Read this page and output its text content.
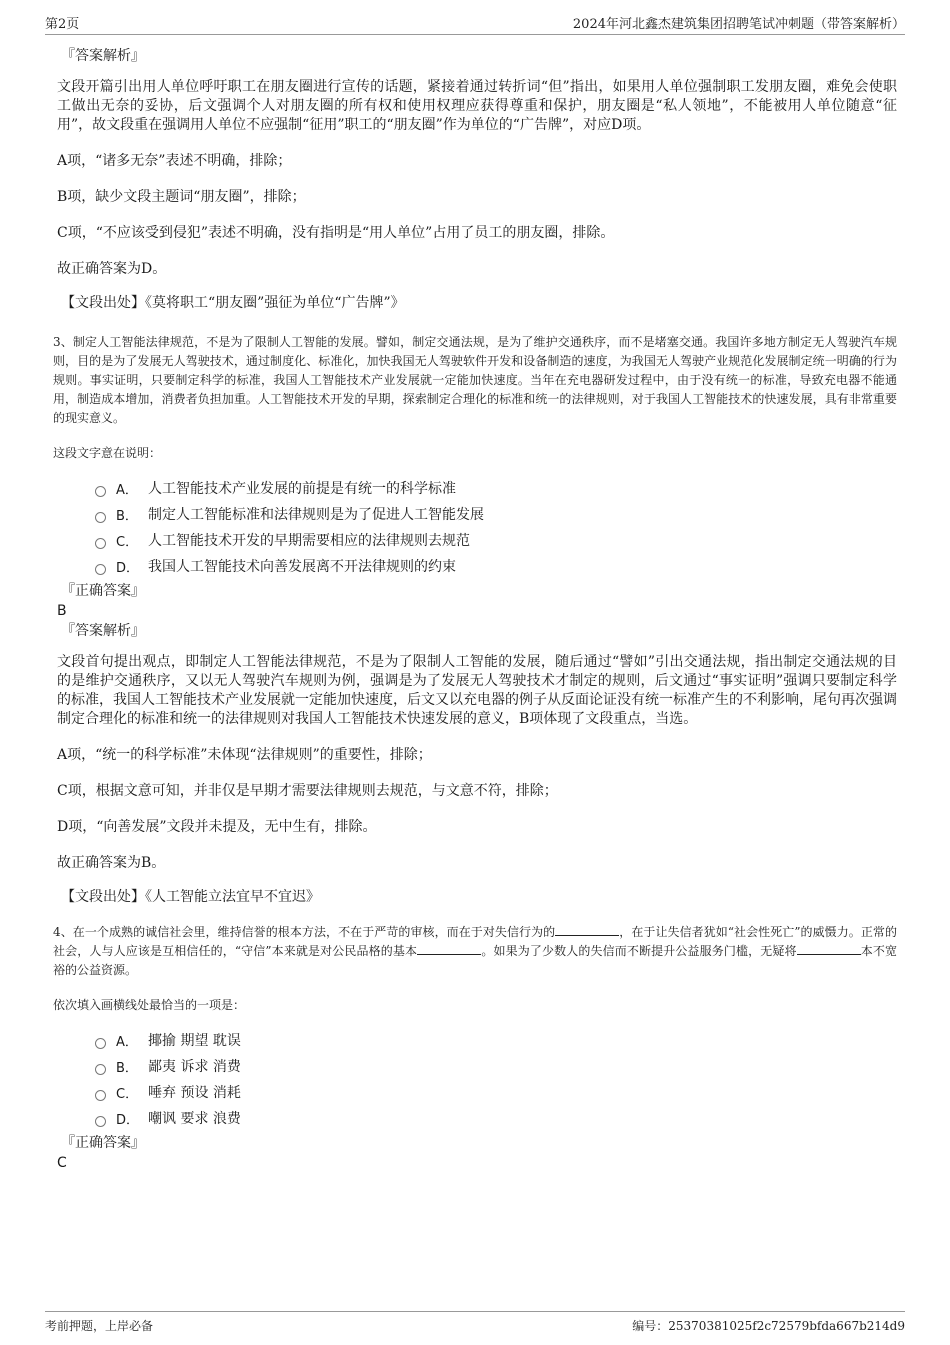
第2页	2024年河北鑫杰建筑集团招聘笔试冲刺题（带答案解析）
『答案解析』
文段开篇引出用人单位呼吁职工在朋友圈进行宣传的话题，紧接着通过转折词“但”指出，如果用人单位强制职工发朋友圈，难免会使职工做出无奈的妥协，后文强调个人对朋友圈的所有权和使用权理应获得尊重和保护，朋友圈是“私人领地”，不能被用人单位随意“征用”，故文段重在强调用人单位不应强制“征用”职工的“朋友圈”作为单位的“广告牌”，对应D项。
A项，“诸多无奈”表述不明确，排除；
B项，缺少文段主题词“朋友圈”，排除；
C项，“不应该受到侵犯”表述不明确，没有指明是“用人单位”占用了员工的朋友圈，排除。
故正确答案为D。
【文段出处】《莫将职工“朋友圈”强征为单位“广告牌”》
3、制定人工智能法律规范，不是为了限制人工智能的发展。譬如，制定交通法规，是为了维护交通秩序，而不是堵塞交通。我国许多地方制定无人驾驶汽车规则，目的是为了发展无人驾驶技术，通过制度化、标准化，加快我国无人驾驶软件开发和设备制造的速度，为我国无人驾驶产业规范化发展制定统一明确的行为规则。事实证明，只要制定科学的标准，我国人工智能技术产业发展就一定能加快速度。当年在充电器研发过程中，由于没有统一的标准，导致充电器不能通用，制造成本增加，消费者负担加重。人工智能技术开发的早期，探索制定合理化的标准和统一的法律规则，对于我国人工智能技术的快速发展，具有非常重要的现实意义。
这段文字意在说明：
A． 人工智能技术产业发展的前提是有统一的科学标准
B． 制定人工智能标准和法律规则是为了促进人工智能发展
C． 人工智能技术开发的早期需要相应的法律规则去规范
D． 我国人工智能技术向善发展离不开法律规则的约束
『正确答案』
B
『答案解析』
文段首句提出观点，即制定人工智能法律规范，不是为了限制人工智能的发展，随后通过“譬如”引出交通法规，指出制定交通法规的目的是维护交通秩序，又以无人驾驶汽车规则为例，强调是为了发展无人驾驶技术才制定的规则，后文通过“事实证明”强调只要制定科学的标准，我国人工智能技术产业发展就一定能加快速度，后文又以充电器的例子从反面论证没有统一标准产生的不利影响，尾句再次强调制定合理化的标准和统一的法律规则对我国人工智能技术快速发展的意义，B项体现了文段重点，当选。
A项，“统一的科学标准”未体现“法律规则”的重要性，排除；
C项，根据文意可知，并非仅是早期才需要法律规则去规范，与文意不符，排除；
D项，“向善发展”文段并未提及，无中生有，排除。
故正确答案为B。
【文段出处】《人工智能立法宜早不宜迟》
4、在一个成熟的诚信社会里，维持信誉的根本方法，不在于严苛的审核，而在于对失信行为的	，在于让失信者犹如“社会性死亡”的威慑力。正常的社会，人与人应该是互相信任的，“守信”本来就是对公民品格的基本	。如果为了少数人的失信而不断提升公益服务门槛，无疑将	本不宽裕的公益资源。
依次填入画横线处最恰当的一项是：
A． 揶揄 期望 耽误
B． 鄙夷 诉求 消费
C． 唾弃 预设 消耗
D． 嘲讽 要求 浪费
『正确答案』
C
考前押题，上岸必备	编号：25370381025f2c72579bfda667b214d9
